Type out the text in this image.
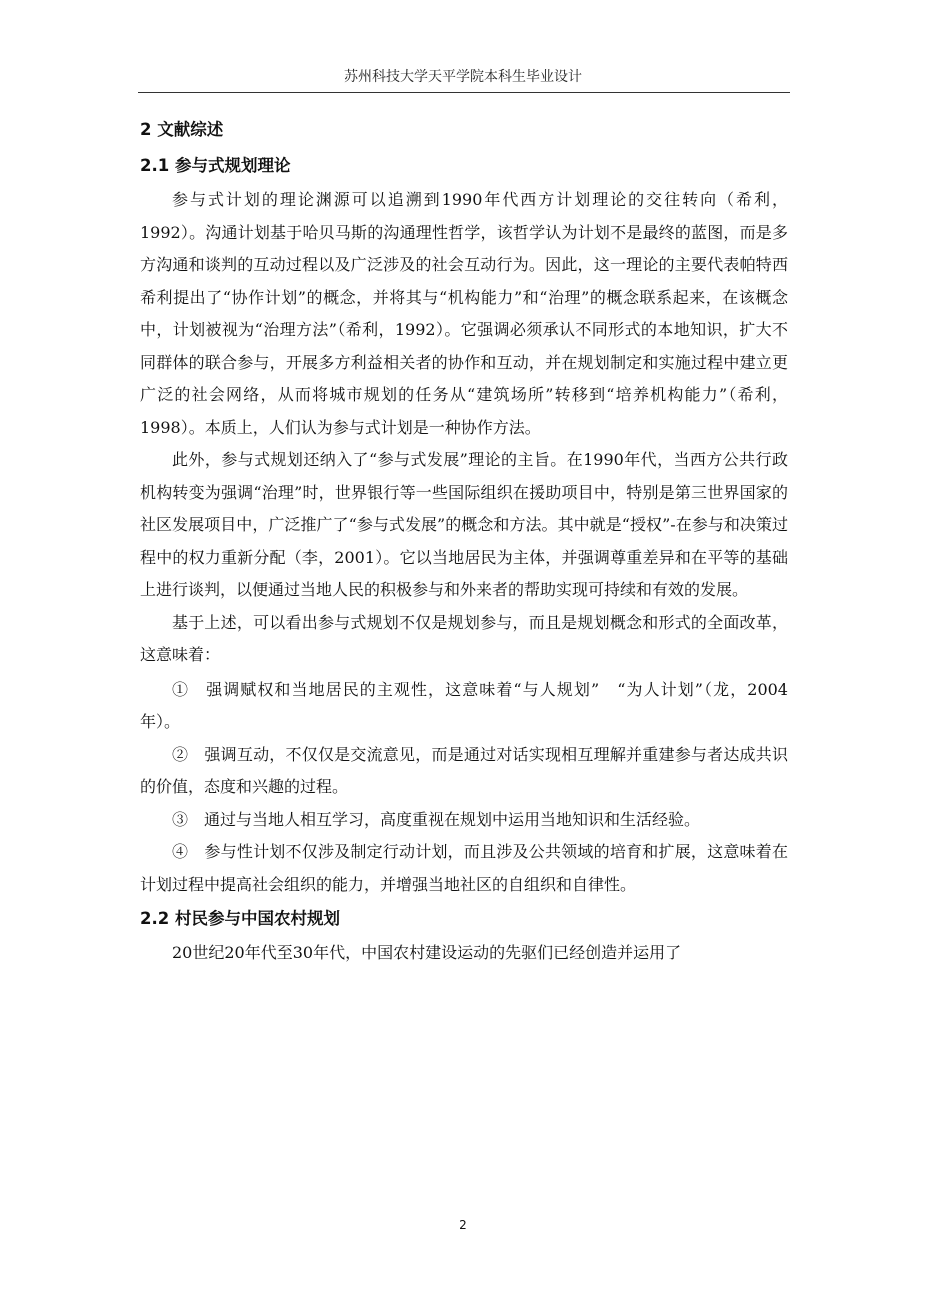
苏州科技大学天平学院本科生毕业设计
2 文献综述
2.1 参与式规划理论

参与式计划的理论渊源可以追溯到1990年代西方计划理论的交往转向（希利，1992）。沟通计划基于哈贝马斯的沟通理性哲学，该哲学认为计划不是最终的蓝图，而是多方沟通和谈判的互动过程以及广泛涉及的社会互动行为。因此，这一理论的主要代表帕特西希利提出了“协作计划”的概念，并将其与“机构能力”和“治理”的概念联系起来，在该概念中，计划被视为“治理方法”（希利，1992）。它强调必须承认不同形式的本地知识，扩大不同群体的联合参与，开展多方利益相关者的协作和互动，并在规划制定和实施过程中建立更广泛的社会网络，从而将城市规划的任务从“建筑场所”转移到“培养机构能力”（希利，1998）。本质上，人们认为参与式计划是一种协作方法。

此外，参与式规划还纳入了“参与式发展”理论的主旨。在1990年代，当西方公共行政机构转变为强调“治理”时，世界银行等一些国际组织在援助项目中，特别是第三世界国家的社区发展项目中，广泛推广了“参与式发展”的概念和方法。其中就是“授权”-在参与和决策过程中的权力重新分配（李，2001）。它以当地居民为主体，并强调尊重差异和在平等的基础上进行谈判，以便通过当地人民的积极参与和外来者的帮助实现可持续和有效的发展。

基于上述，可以看出参与式规划不仅是规划参与，而且是规划概念和形式的全面改革，这意味着：

①　强调赋权和当地居民的主观性，这意味着“与人规划”　“为人计划”（龙，2004年）。

②　强调互动，不仅仅是交流意见，而是通过对话实现相互理解并重建参与者达成共识的价值，态度和兴趣的过程。

③　通过与当地人相互学习，高度重视在规划中运用当地知识和生活经验。

④　参与性计划不仅涉及制定行动计划，而且涉及公共领域的培育和扩展，这意味着在计划过程中提高社会组织的能力，并增强当地社区的自组织和自律性。

2.2 村民参与中国农村规划

20世纪20年代至30年代，中国农村建设运动的先驱们已经创造并运用了

2
